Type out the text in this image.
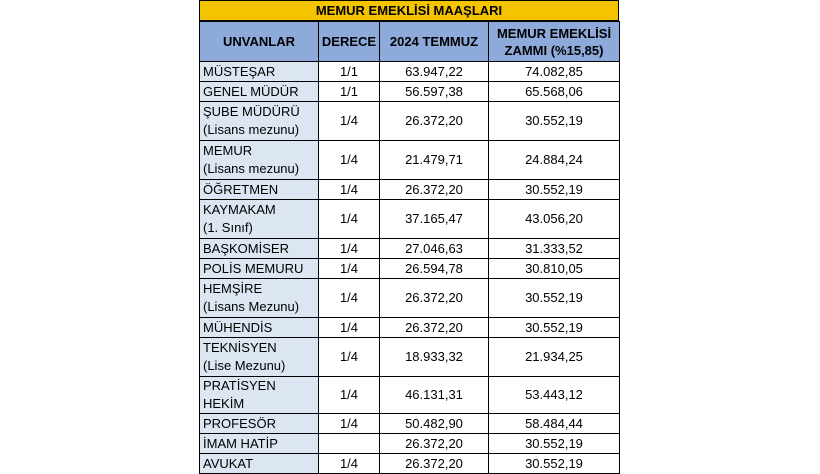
MEMUR EMEKLİSİ MAAŞLARI
UNVANLAR	DERECE	2024 TEMMUZ	MEMUR EMEKLİSİ
ZAMMI (%15,85)

MÜSTEŞAR	1/1	63.947,22	74.082,85

GENEL MÜDÜR	1/1	56.597,38	65.568,06

ŞUBE MÜDÜRÜ
(Lisans mezunu)	1/4	26.372,20	30.552,19

MEMUR
(Lisans mezunu)	1/4	21.479,71	24.884,24

ÖĞRETMEN	1/4	26.372,20	30.552,19

KAYMAKAM
(1. Sınıf)	1/4	37.165,47	43.056,20

BAŞKOMİSER	1/4	27.046,63	31.333,52

POLİS MEMURU	1/4	26.594,78	30.810,05

HEMŞİRE
(Lisans Mezunu)	1/4	26.372,20	30.552,19

MÜHENDİS	1/4	26.372,20	30.552,19

TEKNİSYEN
(Lise Mezunu)	1/4	18.933,32	21.934,25

PRATİSYEN HEKİM	1/4	46.131,31	53.443,12

PROFESÖR	1/4	50.482,90	58.484,44

İMAM HATİP		26.372,20	30.552,19

AVUKAT	1/4	26.372,20	30.552,19
